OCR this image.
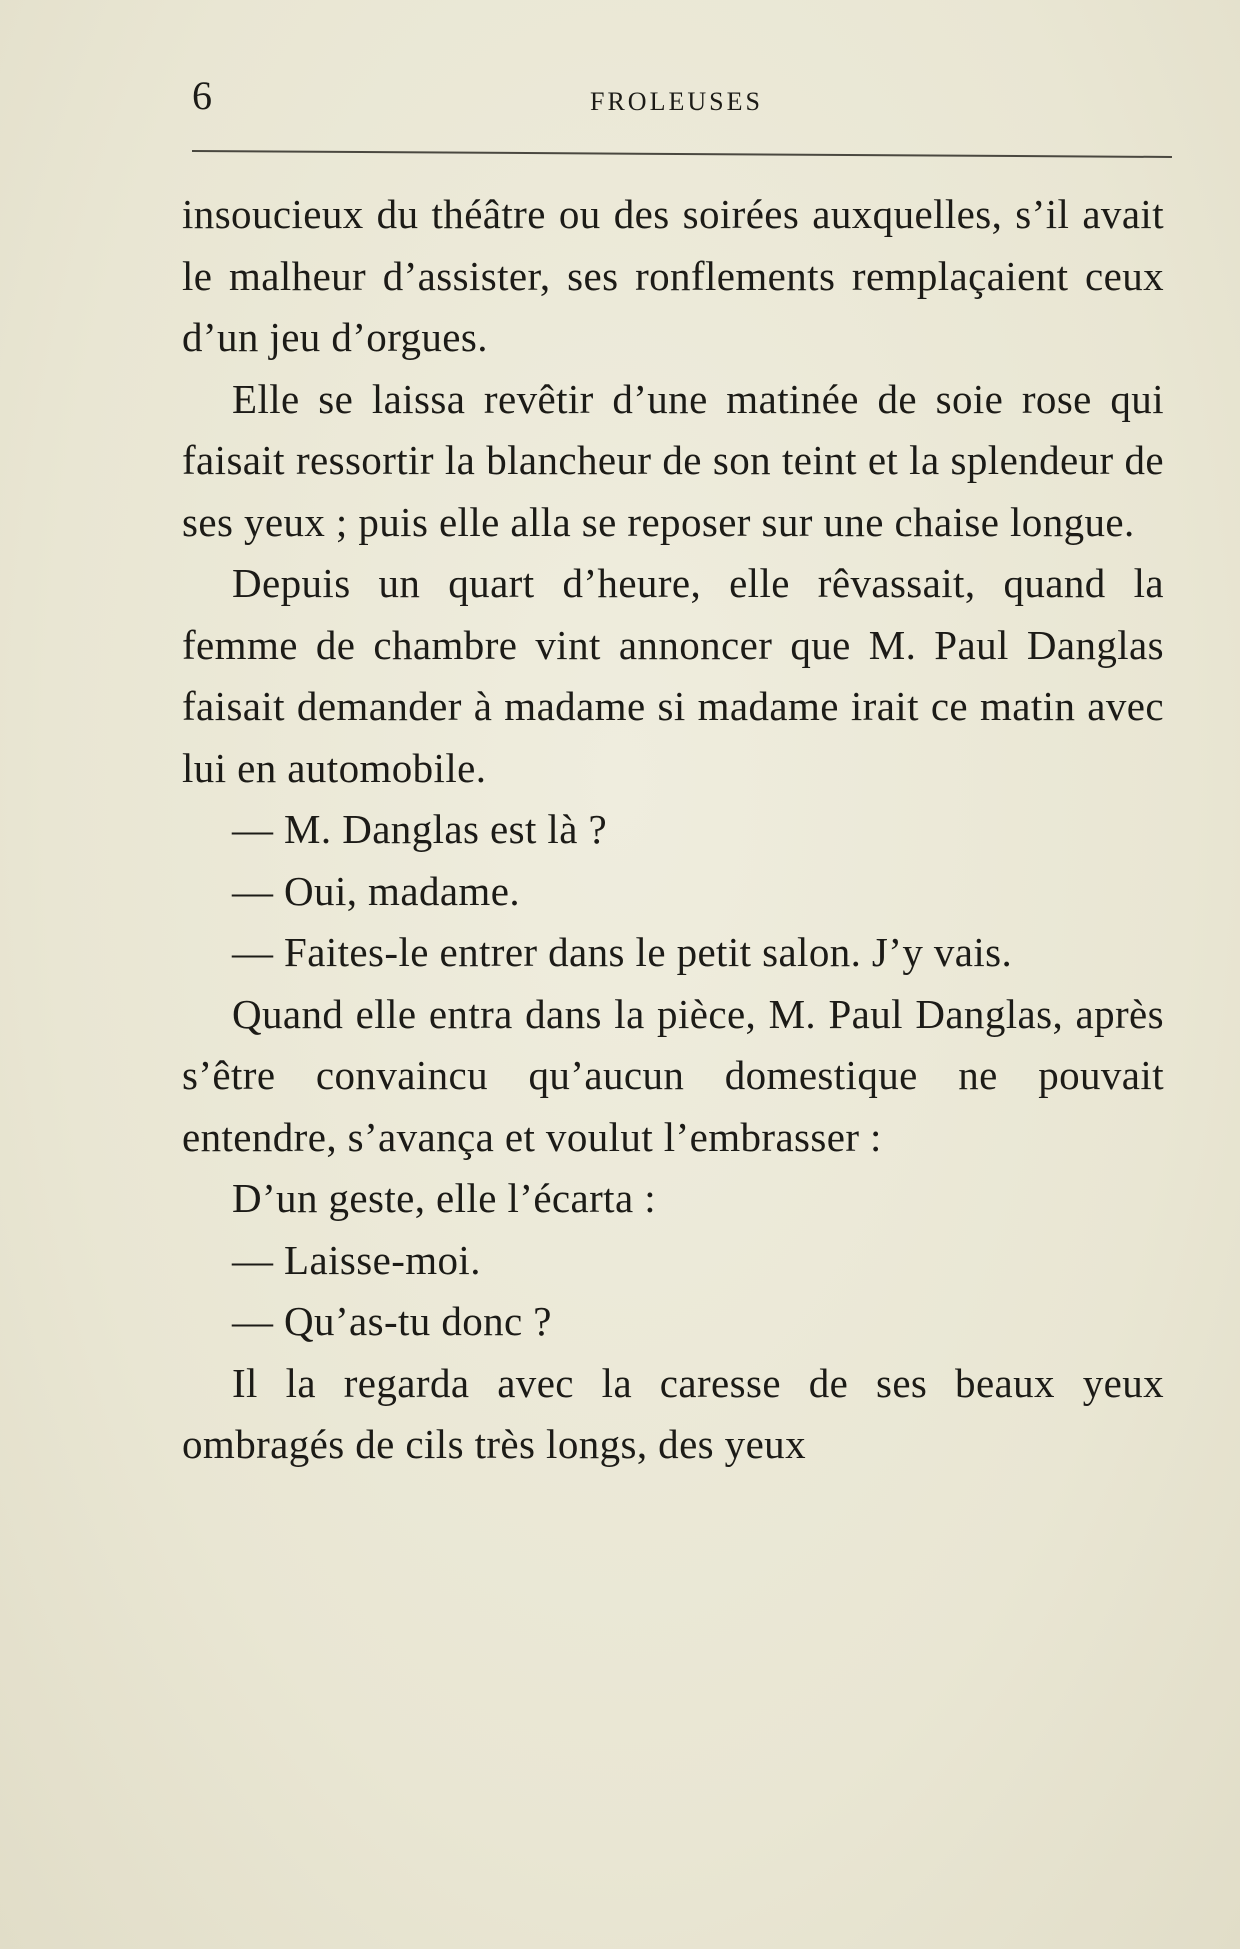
6	FROLEUSES

insoucieux du théâtre ou des soirées auxquelles, s’il avait le malheur d’assister, ses ronflements remplaçaient ceux d’un jeu d’orgues.

Elle se laissa revêtir d’une matinée de soie rose qui faisait ressortir la blancheur de son teint et la splendeur de ses yeux ; puis elle alla se reposer sur une chaise longue.

Depuis un quart d’heure, elle rêvassait, quand la femme de chambre vint annoncer que M. Paul Danglas faisait demander à madame si madame irait ce matin avec lui en automobile.

— M. Danglas est là ?

— Oui, madame.

— Faites-le entrer dans le petit salon. J’y vais.

Quand elle entra dans la pièce, M. Paul Danglas, après s’être convaincu qu’aucun domestique ne pouvait entendre, s’avança et voulut l’embrasser :

D’un geste, elle l’écarta :

— Laisse-moi.

— Qu’as-tu donc ?

Il la regarda avec la caresse de ses beaux yeux ombragés de cils très longs, des yeux
